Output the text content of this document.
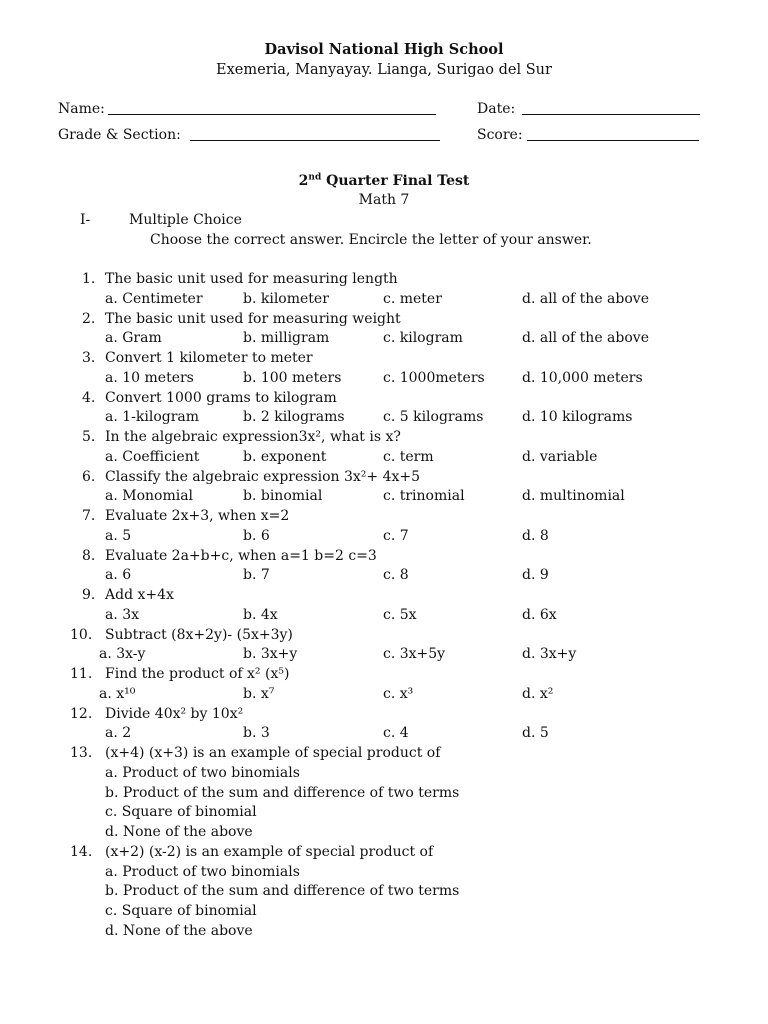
Davisol National High School
Exemeria, Manyayay. Lianga, Surigao del Sur
Name:	Date:
Grade & Section:	Score:
2nd Quarter Final Test
Math 7
I-	Multiple Choice
Choose the correct answer. Encircle the letter of your answer.
1. The basic unit used for measuring length
a. Centimeter	b. kilometer	c. meter	d. all of the above
2. The basic unit used for measuring weight
a. Gram	b. milligram	c. kilogram	d. all of the above
3. Convert 1 kilometer to meter
a. 10 meters	b. 100 meters	c. 1000meters	d. 10,000 meters
4. Convert 1000 grams to kilogram
a. 1-kilogram	b. 2 kilograms	c. 5 kilograms	d. 10 kilograms
5. In the algebraic expression3x², what is x?
a. Coefficient	b. exponent	c. term	d. variable
6. Classify the algebraic expression 3x²+ 4x+5
a. Monomial	b. binomial	c. trinomial	d. multinomial
7. Evaluate 2x+3, when x=2
a. 5	b. 6	c. 7	d. 8
8. Evaluate 2a+b+c, when a=1 b=2 c=3
a. 6	b. 7	c. 8	d. 9
9. Add x+4x
a. 3x	b. 4x	c. 5x	d. 6x
10. Subtract (8x+2y)- (5x+3y)
a. 3x-y	b. 3x+y	c. 3x+5y	d. 3x+y
11. Find the product of x² (x⁵)
a. x¹⁰	b. x⁷	c. x³	d. x²
12. Divide 40x² by 10x²
a. 2	b. 3	c. 4	d. 5
13. (x+4) (x+3) is an example of special product of
a. Product of two binomials
b. Product of the sum and difference of two terms
c. Square of binomial
d. None of the above
14. (x+2) (x-2) is an example of special product of
a. Product of two binomials
b. Product of the sum and difference of two terms
c. Square of binomial
d. None of the above
